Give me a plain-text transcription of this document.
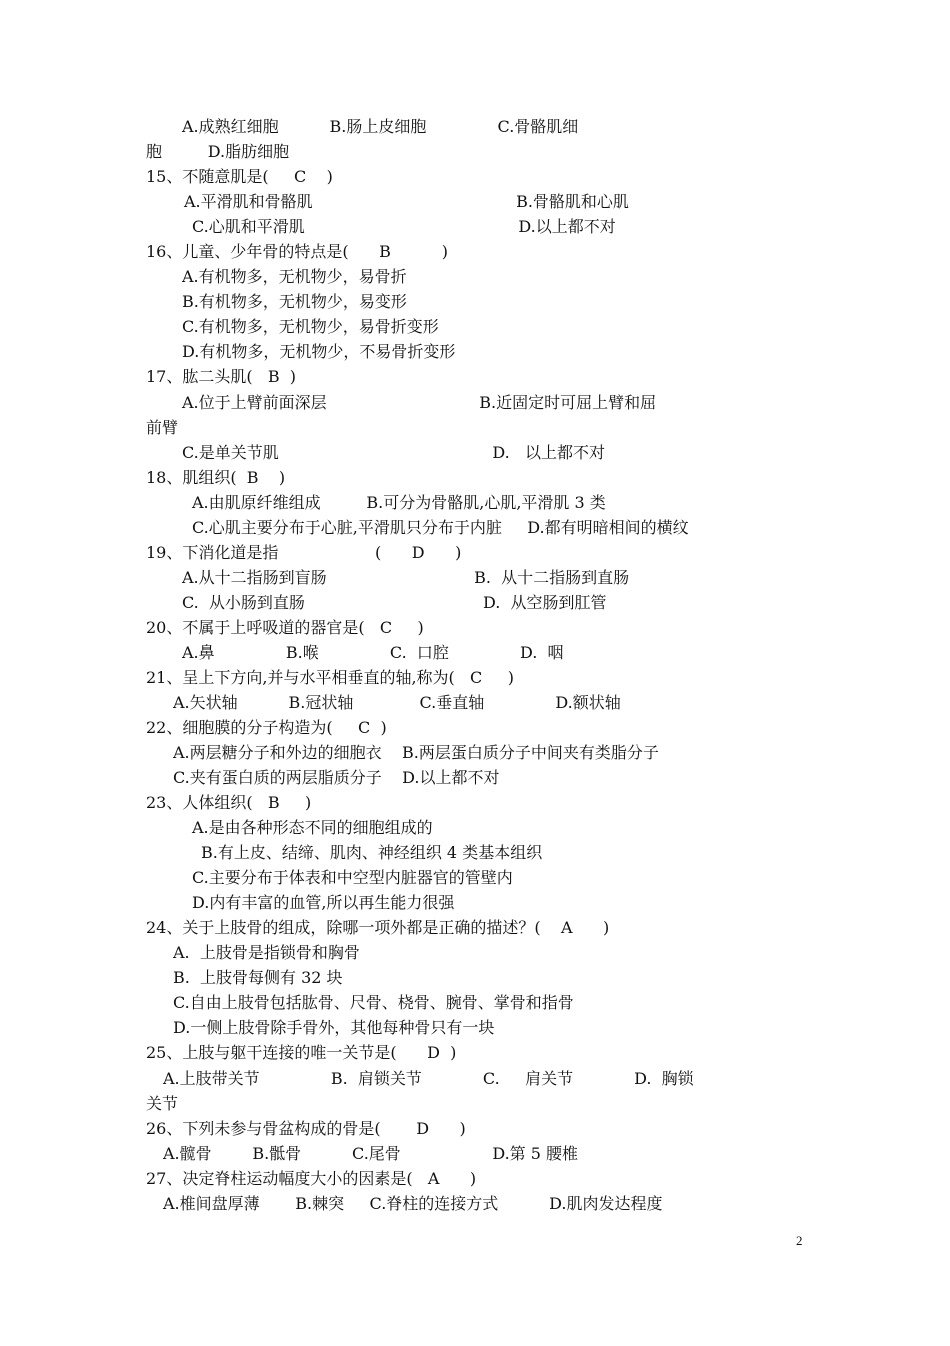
A.成熟红细胞          B.肠上皮细胞              C.骨骼肌细
胞         D.脂肪细胞
15、不随意肌是(     C    )
A.平滑肌和骨骼肌                                        B.骨骼肌和心肌
C.心肌和平滑肌                                          D.以上都不对
16、儿童、少年骨的特点是(      B          )
A.有机物多，无机物少，易骨折
B.有机物多，无机物少，易变形
C.有机物多，无机物少，易骨折变形
D.有机物多，无机物少，不易骨折变形
17、肱二头肌(   B  )
A.位于上臂前面深层                              B.近固定时可屈上臂和屈
前臂
C.是单关节肌                                          D.   以上都不对
18、肌组织(  B    )
A.由肌原纤维组成         B.可分为骨骼肌,心肌,平滑肌 3 类
C.心肌主要分布于心脏,平滑肌只分布于内脏     D.都有明暗相间的横纹
19、下消化道是指                   (      D      )
A.从十二指肠到盲肠                             B.  从十二指肠到直肠
C.  从小肠到直肠                                   D.  从空肠到肛管
20、不属于上呼吸道的器官是(   C     )
A.鼻              B.喉              C.  口腔              D.  咽
21、呈上下方向,并与水平相垂直的轴,称为(   C     )
A.矢状轴          B.冠状轴             C.垂直轴              D.额状轴
22、细胞膜的分子构造为(     C  )
A.两层糖分子和外边的细胞衣    B.两层蛋白质分子中间夹有类脂分子
C.夹有蛋白质的两层脂质分子    D.以上都不对
23、人体组织(   B     )
A.是由各种形态不同的细胞组成的
B.有上皮、结缔、肌肉、神经组织 4 类基本组织
C.主要分布于体表和中空型内脏器官的管壁内
D.内有丰富的血管,所以再生能力很强
24、关于上肢骨的组成，除哪一项外都是正确的描述？(    A      )
A.  上肢骨是指锁骨和胸骨
B.  上肢骨每侧有 32 块
C.自由上肢骨包括肱骨、尺骨、桡骨、腕骨、掌骨和指骨
D.一侧上肢骨除手骨外，其他每种骨只有一块
25、上肢与躯干连接的唯一关节是(      D  )
A.上肢带关节              B.  肩锁关节            C.     肩关节            D.  胸锁
关节
26、下列未参与骨盆构成的骨是(       D      )
A.髋骨        B.骶骨          C.尾骨                  D.第 5 腰椎
27、决定脊柱运动幅度大小的因素是(   A      )
A.椎间盘厚薄       B.棘突     C.脊柱的连接方式          D.肌肉发达程度
2
